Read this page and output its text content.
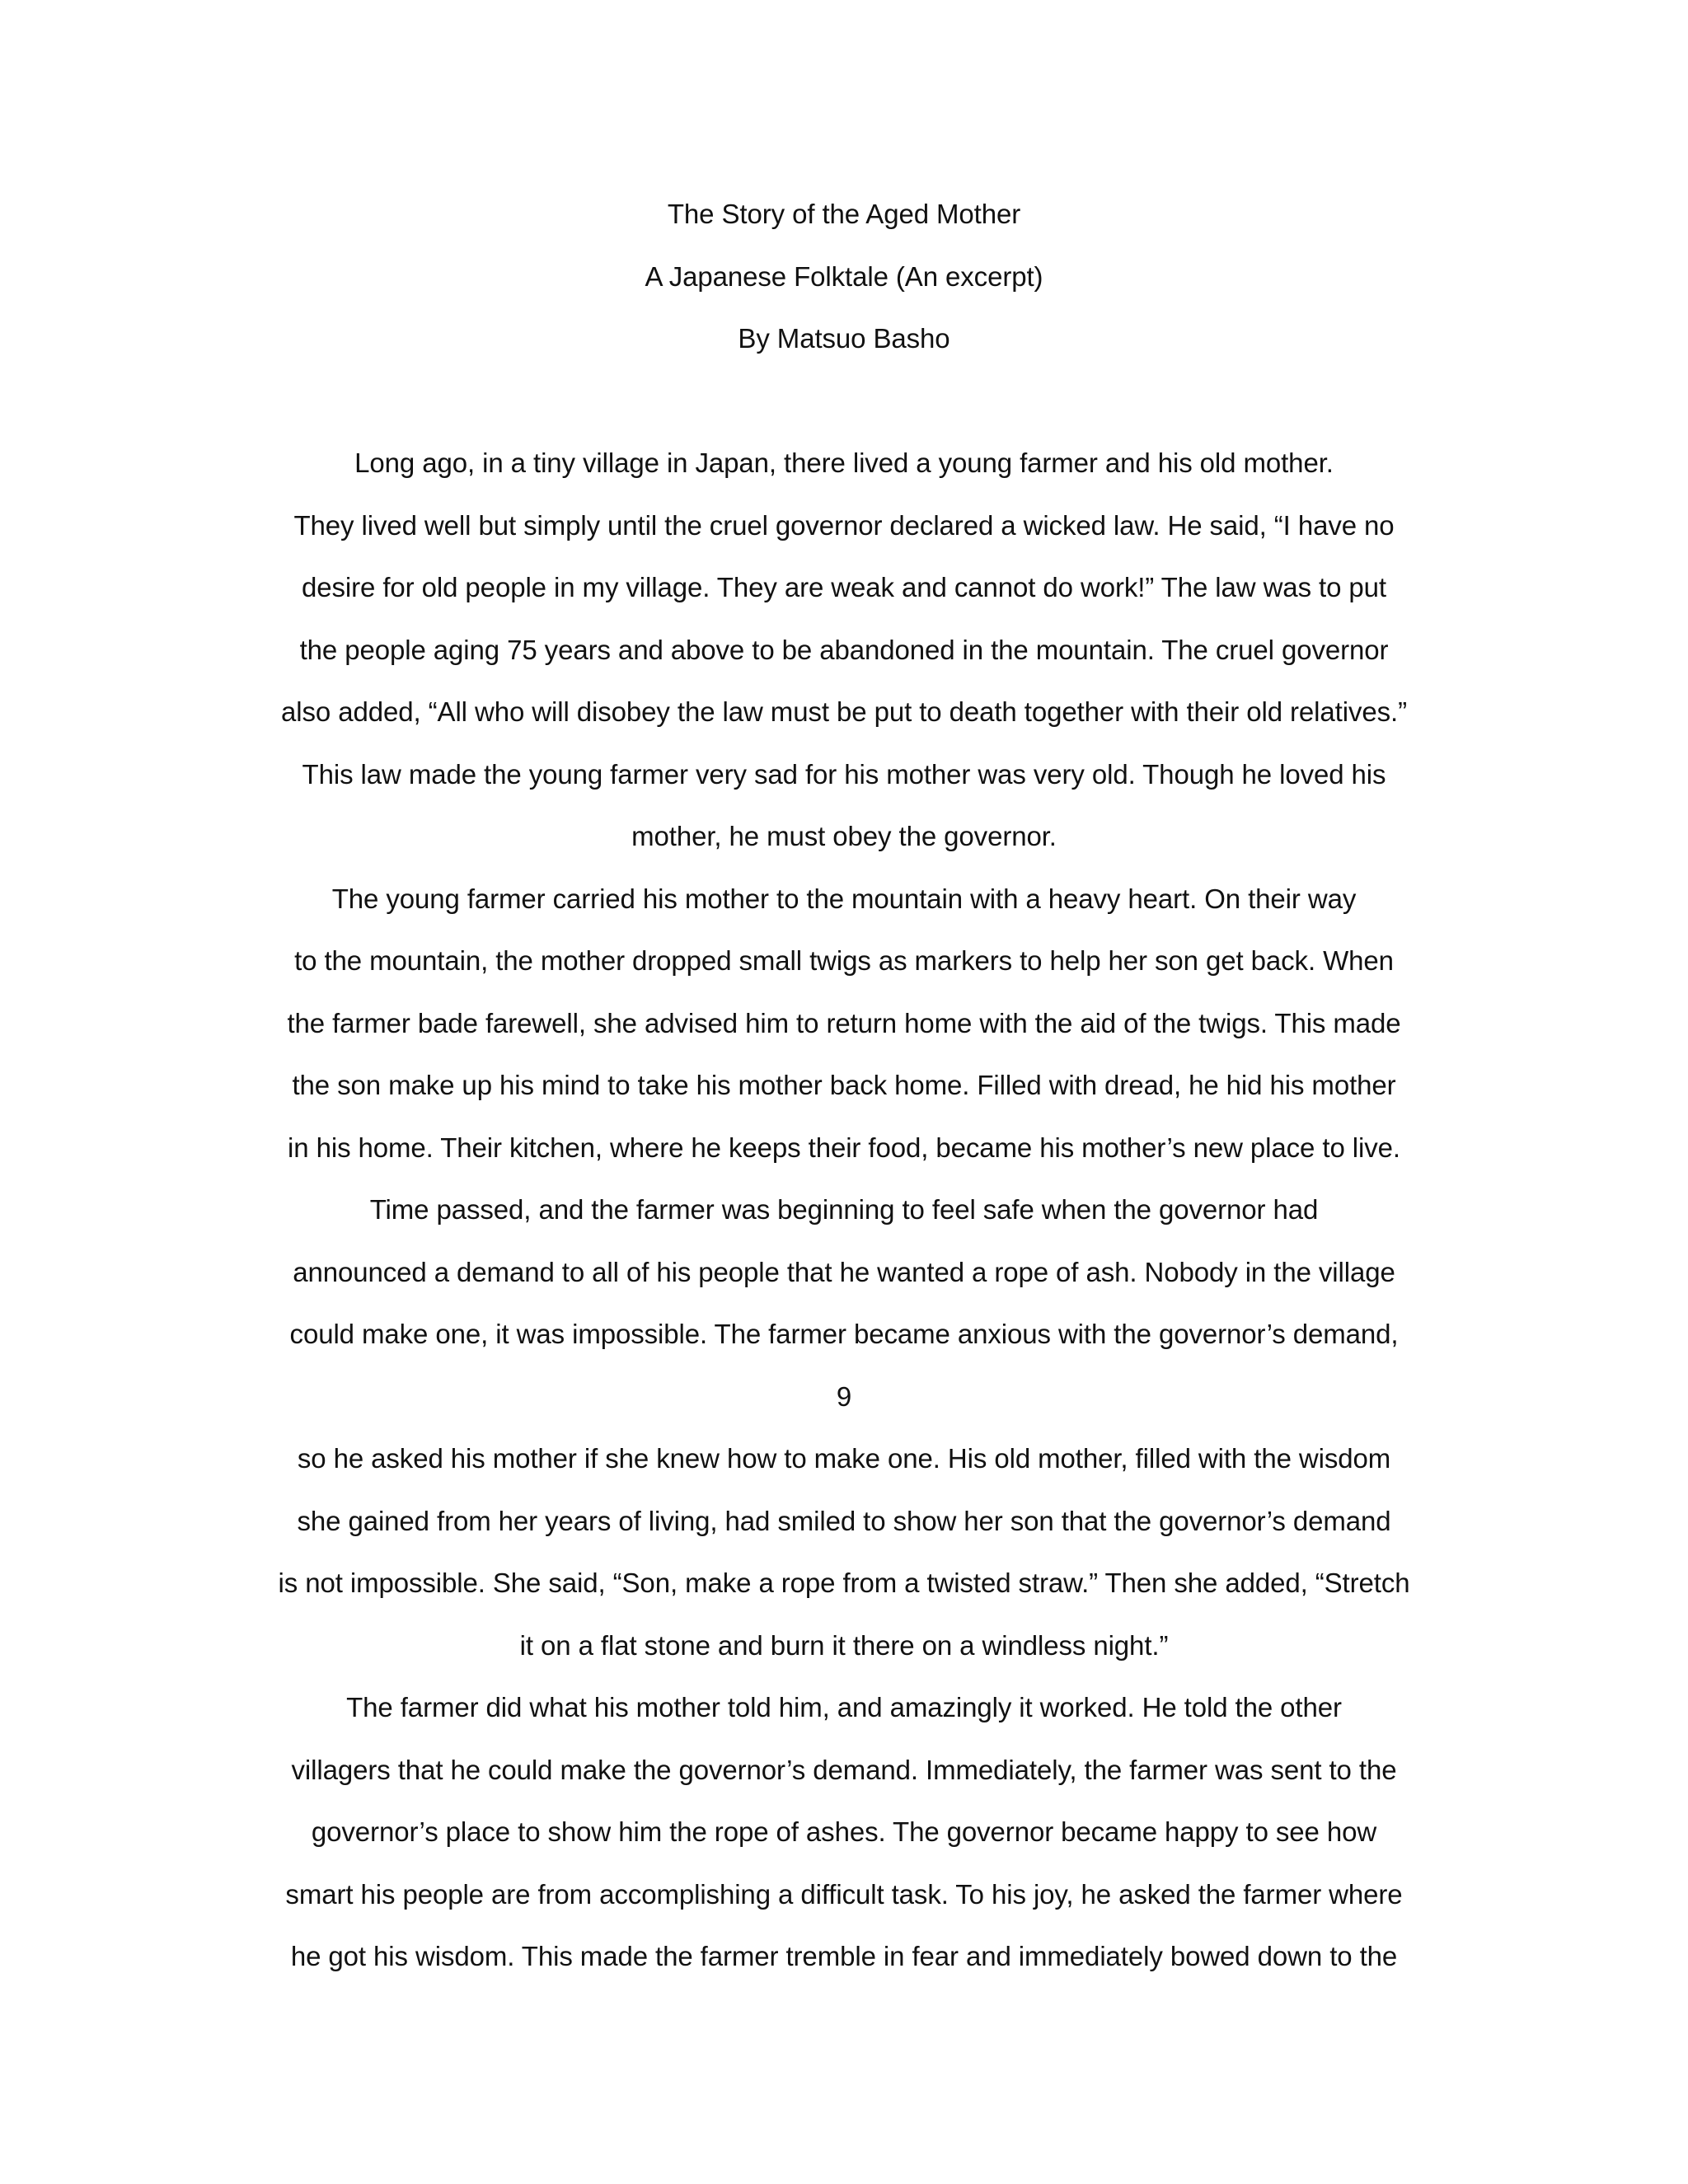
The Story of the Aged Mother
A Japanese Folktale (An excerpt)
By Matsuo Basho
Long ago, in a tiny village in Japan, there lived a young farmer and his old mother.
They lived well but simply until the cruel governor declared a wicked law. He said, “I have no
desire for old people in my village. They are weak and cannot do work!” The law was to put
the people aging 75 years and above to be abandoned in the mountain. The cruel governor
also added, “All who will disobey the law must be put to death together with their old relatives.”
This law made the young farmer very sad for his mother was very old. Though he loved his
mother, he must obey the governor.
The young farmer carried his mother to the mountain with a heavy heart. On their way
to the mountain, the mother dropped small twigs as markers to help her son get back. When
the farmer bade farewell, she advised him to return home with the aid of the twigs. This made
the son make up his mind to take his mother back home. Filled with dread, he hid his mother
in his home. Their kitchen, where he keeps their food, became his mother’s new place to live.
Time passed, and the farmer was beginning to feel safe when the governor had
announced a demand to all of his people that he wanted a rope of ash. Nobody in the village
could make one, it was impossible. The farmer became anxious with the governor’s demand,
9
so he asked his mother if she knew how to make one. His old mother, filled with the wisdom
she gained from her years of living, had smiled to show her son that the governor’s demand
is not impossible. She said, “Son, make a rope from a twisted straw.” Then she added, “Stretch
it on a flat stone and burn it there on a windless night.”
The farmer did what his mother told him, and amazingly it worked. He told the other
villagers that he could make the governor’s demand. Immediately, the farmer was sent to the
governor’s place to show him the rope of ashes. The governor became happy to see how
smart his people are from accomplishing a difficult task. To his joy, he asked the farmer where
he got his wisdom. This made the farmer tremble in fear and immediately bowed down to the
